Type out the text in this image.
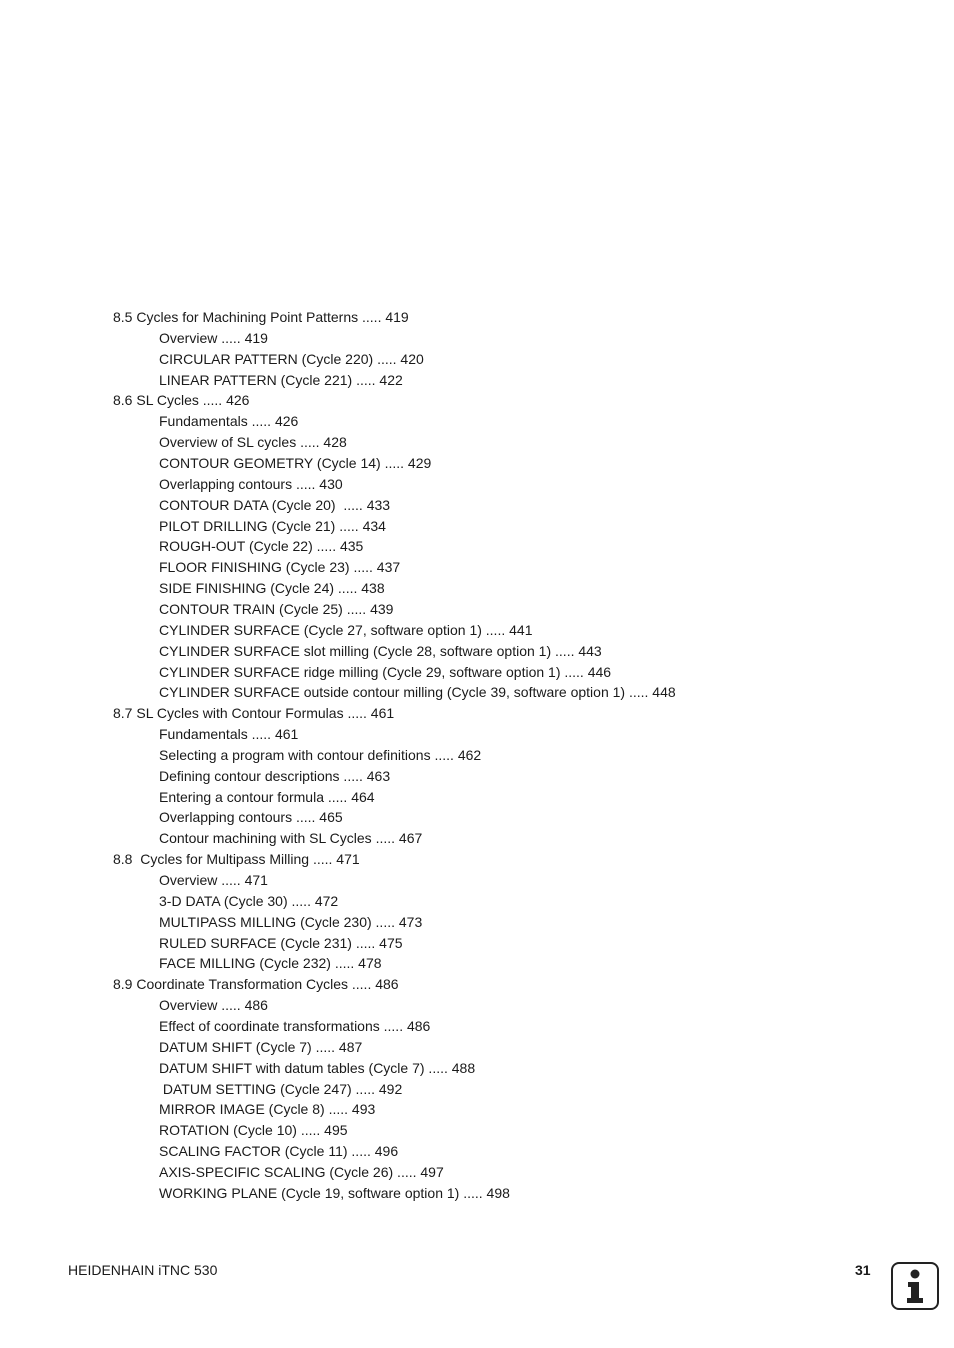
8.5 Cycles for Machining Point Patterns ..... 419
Overview ..... 419
CIRCULAR PATTERN (Cycle 220) ..... 420
LINEAR PATTERN (Cycle 221) ..... 422
8.6 SL Cycles ..... 426
Fundamentals ..... 426
Overview of SL cycles ..... 428
CONTOUR GEOMETRY (Cycle 14) ..... 429
Overlapping contours ..... 430
CONTOUR DATA (Cycle 20)  ..... 433
PILOT DRILLING (Cycle 21) ..... 434
ROUGH-OUT (Cycle 22) ..... 435
FLOOR FINISHING (Cycle 23) ..... 437
SIDE FINISHING (Cycle 24) ..... 438
CONTOUR TRAIN (Cycle 25) ..... 439
CYLINDER SURFACE (Cycle 27, software option 1) ..... 441
CYLINDER SURFACE slot milling (Cycle 28, software option 1) ..... 443
CYLINDER SURFACE ridge milling (Cycle 29, software option 1) ..... 446
CYLINDER SURFACE outside contour milling (Cycle 39, software option 1) ..... 448
8.7 SL Cycles with Contour Formulas ..... 461
Fundamentals ..... 461
Selecting a program with contour definitions ..... 462
Defining contour descriptions ..... 463
Entering a contour formula ..... 464
Overlapping contours ..... 465
Contour machining with SL Cycles ..... 467
8.8  Cycles for Multipass Milling ..... 471
Overview ..... 471
3-D DATA (Cycle 30) ..... 472
MULTIPASS MILLING (Cycle 230) ..... 473
RULED SURFACE (Cycle 231) ..... 475
FACE MILLING (Cycle 232) ..... 478
8.9 Coordinate Transformation Cycles ..... 486
Overview ..... 486
Effect of coordinate transformations ..... 486
DATUM SHIFT (Cycle 7) ..... 487
DATUM SHIFT with datum tables (Cycle 7) ..... 488
DATUM SETTING (Cycle 247) ..... 492
MIRROR IMAGE (Cycle 8) ..... 493
ROTATION (Cycle 10) ..... 495
SCALING FACTOR (Cycle 11) ..... 496
AXIS-SPECIFIC SCALING (Cycle 26) ..... 497
WORKING PLANE (Cycle 19, software option 1) ..... 498
HEIDENHAIN iTNC 530	31
